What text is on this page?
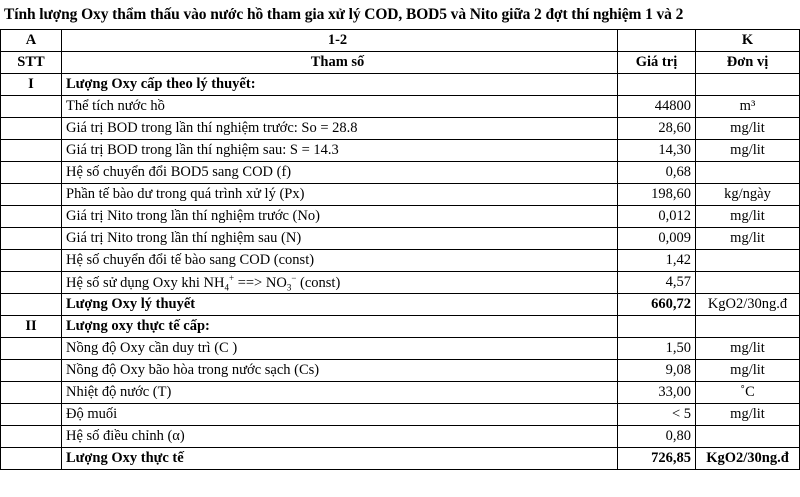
Tính lượng Oxy thẩm thấu vào nước hồ tham gia xử lý COD, BOD5 và Nito giữa 2 đợt thí nghiệm 1 và 2
A	1-2		K
STT	Tham số	Giá trị	Đơn vị
I	Lượng Oxy cấp theo lý thuyết:		
	Thể tích nước hồ	44800	m³
	Giá trị BOD trong lần thí nghiệm trước: So = 28.8	28,60	mg/lit
	Giá trị BOD trong lần thí nghiệm sau: S = 14.3	14,30	mg/lit
	Hệ số chuyển đổi BOD5 sang COD (f)	0,68	
	Phần tế bào dư trong quá trình xử lý (Px)	198,60	kg/ngày
	Giá trị Nito trong lần thí nghiệm trước (No)	0,012	mg/lit
	Giá trị Nito trong lần thí nghiệm sau (N)	0,009	mg/lit
	Hệ số chuyển đổi tế bào sang COD (const)	1,42	
	Hệ số sử dụng Oxy khi $NH_4^+$ ==> $NO_3^-$ (const)	4,57	
	Lượng Oxy lý thuyết	660,72	KgO2/30ng.đ
II	Lượng oxy thực tế cấp:		
	Nồng độ Oxy cần duy trì (C )	1,50	mg/lit
	Nồng độ Oxy bão hòa trong nước sạch (Cs)	9,08	mg/lit
	Nhiệt độ nước (T)	33,00	˚C
	Độ muối	< 5	mg/lit
	Hệ số điều chỉnh (α)	0,80	
	Lượng Oxy thực tế	726,85	KgO2/30ng.đ
